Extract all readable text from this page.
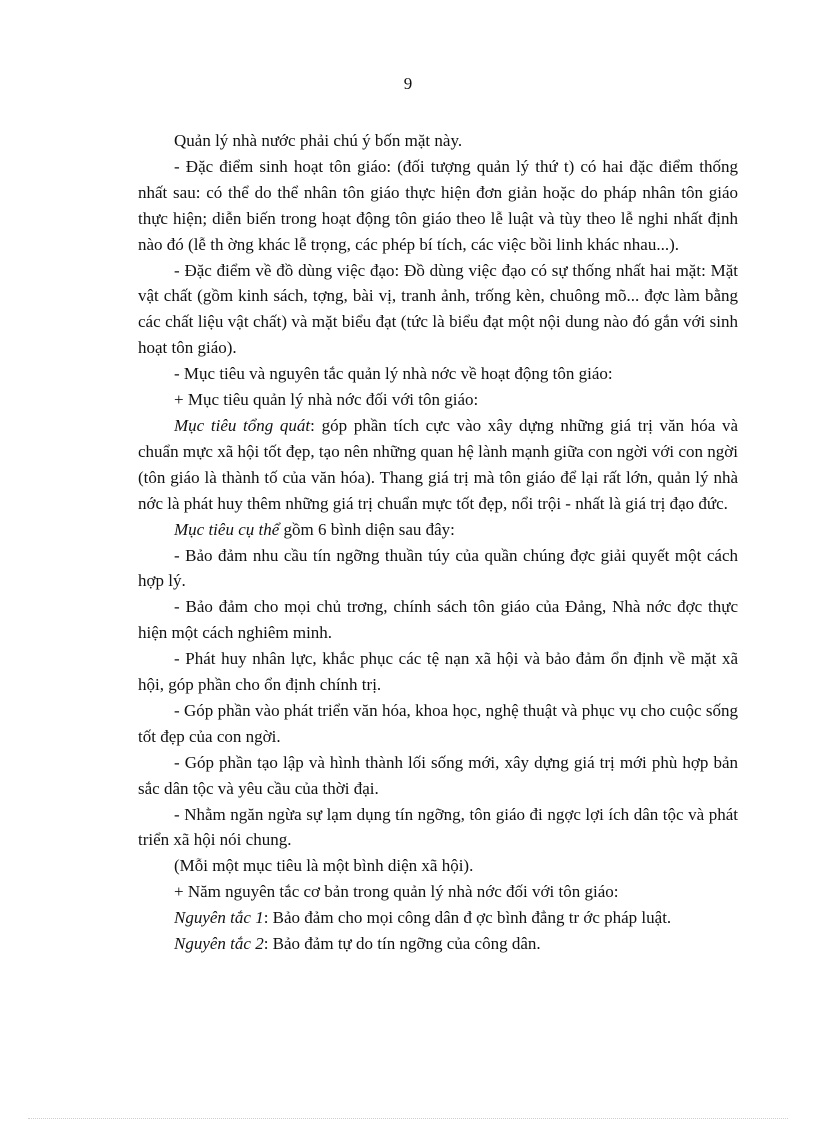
9

Quản lý nhà nước phải chú ý bốn mặt này.

- Đặc điểm sinh hoạt tôn giáo: (đối tượng quản lý thứ t) có hai đặc điểm thống nhất sau: có thể do thể nhân tôn giáo thực hiện đơn giản hoặc do pháp nhân tôn giáo thực hiện; diễn biến trong hoạt động tôn giáo theo lễ luật và tùy theo lễ nghi nhất định nào đó (lễ th ờng khác lễ trọng, các phép bí tích, các việc bồi linh khác nhau...).

- Đặc điểm về đồ dùng việc đạo: Đồ dùng việc đạo có sự thống nhất hai mặt: Mặt vật chất (gồm kinh sách, tợng, bài vị, tranh ảnh, trống kèn, chuông mõ... đợc làm bằng các chất liệu vật chất) và mặt biểu đạt (tức là biểu đạt một nội dung nào đó gắn với sinh hoạt tôn giáo).

- Mục tiêu và nguyên tắc quản lý nhà nớc về hoạt động tôn giáo:

+ Mục tiêu quản lý nhà nớc đối với tôn giáo:

Mục tiêu tổng quát: góp phần tích cực vào xây dựng những giá trị văn hóa và chuẩn mực xã hội tốt đẹp, tạo nên những quan hệ lành mạnh giữa con ngời với con ngời (tôn giáo là thành tố của văn hóa). Thang giá trị mà tôn giáo để lại rất lớn, quản lý nhà nớc là phát huy thêm những giá trị chuẩn mực tốt đẹp, nổi trội - nhất là giá trị đạo đức.

Mục tiêu cụ thể gồm 6 bình diện sau đây:

- Bảo đảm nhu cầu tín ngỡng thuần túy của quần chúng đợc giải quyết một cách hợp lý.

- Bảo đảm cho mọi chủ trơng, chính sách tôn giáo của Đảng, Nhà nớc đợc thực hiện một cách nghiêm minh.

- Phát huy nhân lực, khắc phục các tệ nạn xã hội và bảo đảm ổn định về mặt xã hội, góp phần cho ổn định chính trị.

- Góp phần vào phát triển văn hóa, khoa học, nghệ thuật và phục vụ cho cuộc sống tốt đẹp của con ngời.

- Góp phần tạo lập và hình thành lối sống mới, xây dựng giá trị mới phù hợp bản sắc dân tộc và yêu cầu của thời đại.

- Nhằm ngăn ngừa sự lạm dụng tín ngỡng, tôn giáo đi ngợc lợi ích dân tộc và phát triển xã hội nói chung.

(Mỗi một mục tiêu là một bình diện xã hội).

+ Năm nguyên tắc cơ bản trong quản lý nhà nớc đối với tôn giáo:

Nguyên tắc 1: Bảo đảm cho mọi công dân đ ợc bình đẳng tr ớc pháp luật.

Nguyên tắc 2: Bảo đảm tự do tín ngỡng của công dân.
